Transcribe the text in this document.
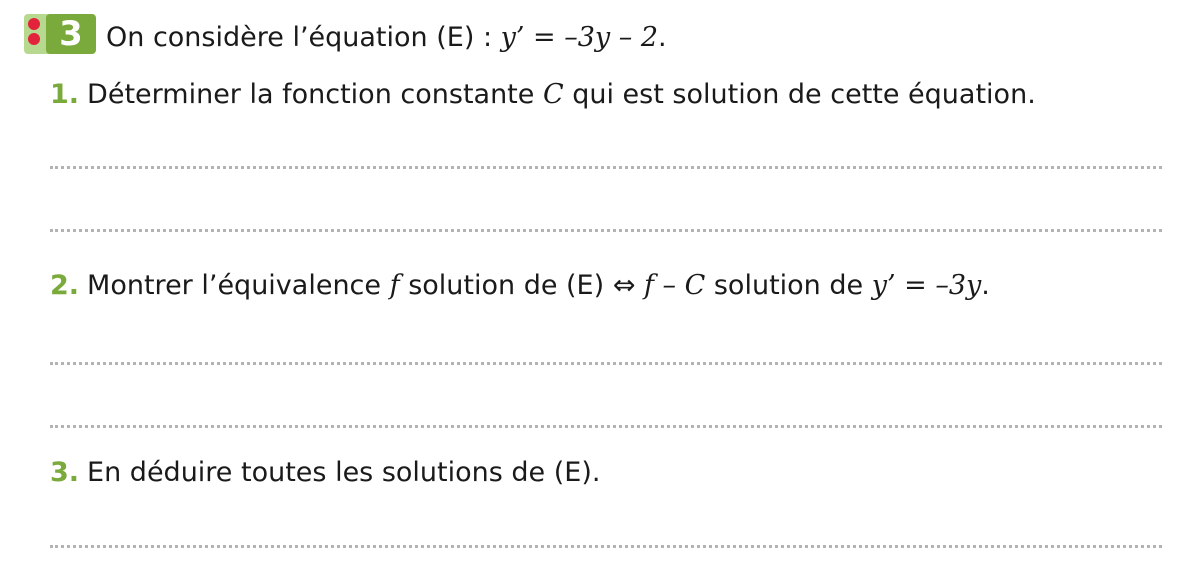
3 On considère l’équation (E) : y’ = –3y – 2.
1. Déterminer la fonction constante C qui est solution de cette équation.
2. Montrer l’équivalence f solution de (E) ⇔ f – C solution de y’ = –3y.
3. En déduire toutes les solutions de (E).
